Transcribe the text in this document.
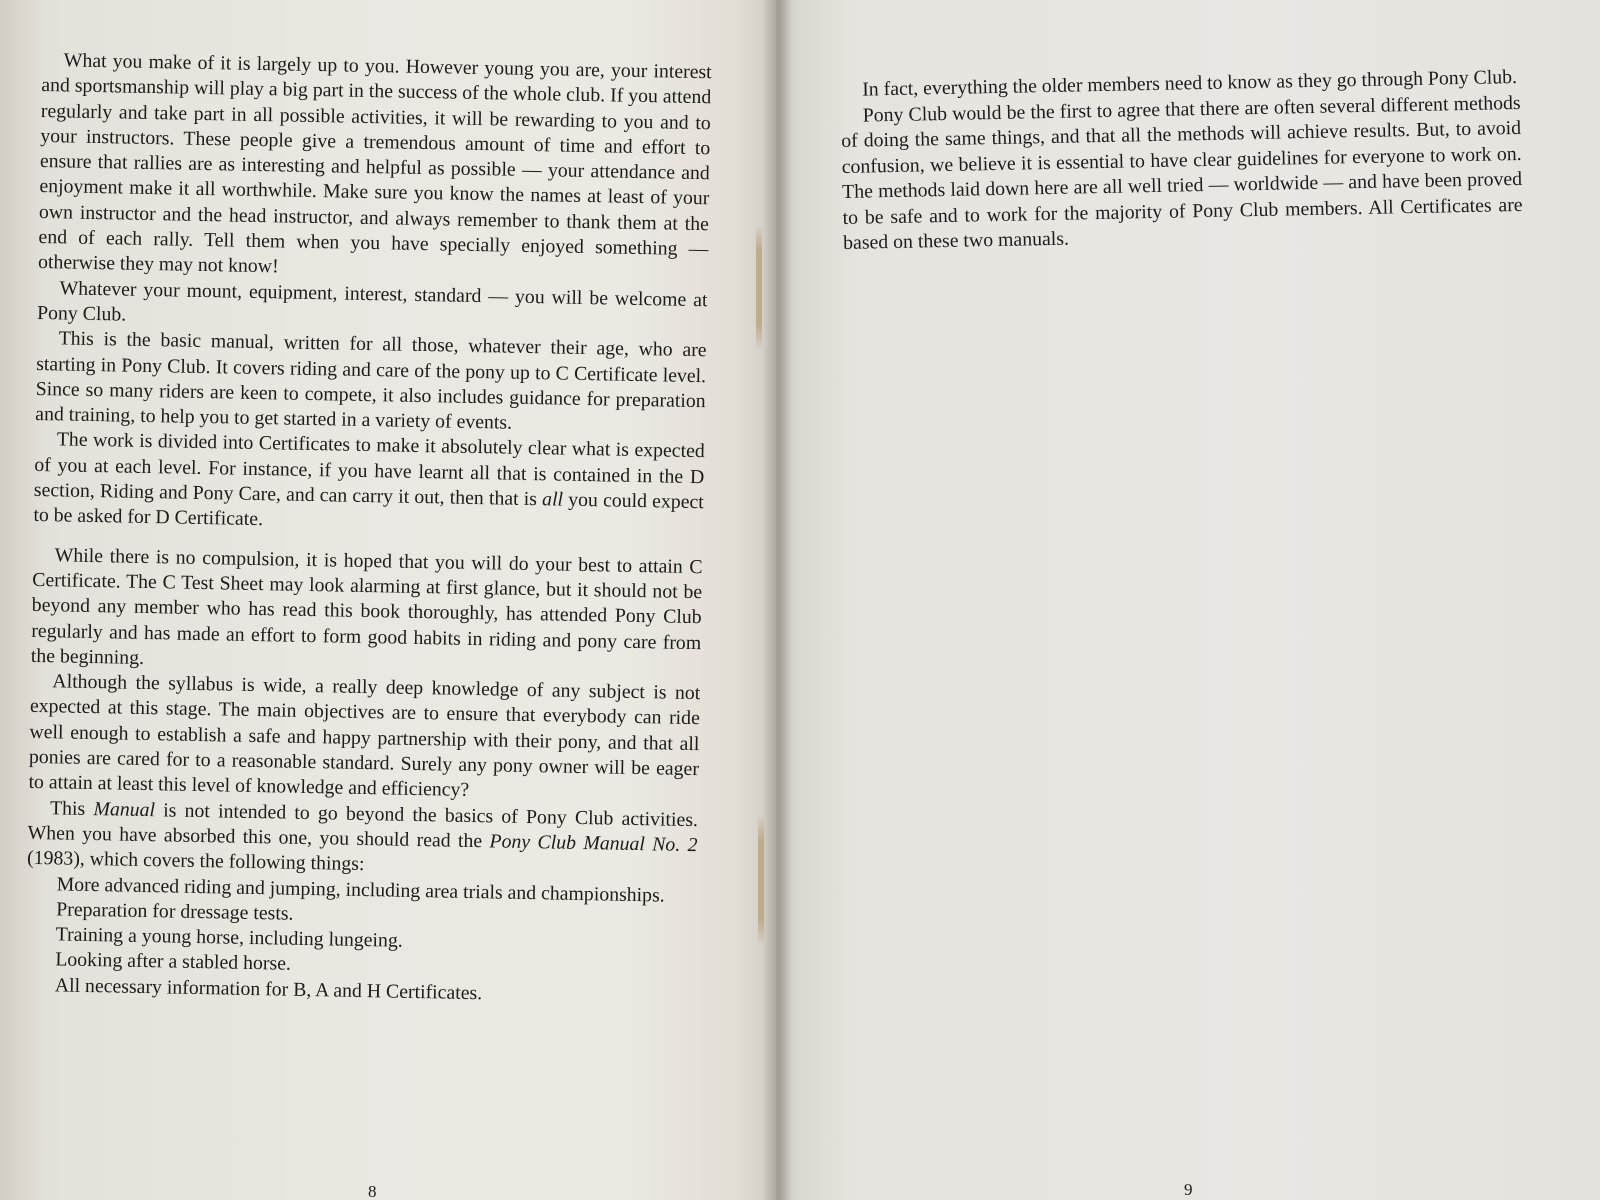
What you make of it is largely up to you. However young you are, your interest and sportsmanship will play a big part in the success of the whole club. If you attend regularly and take part in all possible activities, it will be rewarding to you and to your instructors. These people give a tremendous amount of time and effort to ensure that rallies are as interesting and helpful as possible — your attendance and enjoyment make it all worthwhile. Make sure you know the names at least of your own instructor and the head instructor, and always remember to thank them at the end of each rally. Tell them when you have specially enjoyed something — otherwise they may not know!

Whatever your mount, equipment, interest, standard — you will be welcome at Pony Club.

This is the basic manual, written for all those, whatever their age, who are starting in Pony Club. It covers riding and care of the pony up to C Certificate level. Since so many riders are keen to compete, it also includes guidance for preparation and training, to help you to get started in a variety of events.

The work is divided into Certificates to make it absolutely clear what is expected of you at each level. For instance, if you have learnt all that is contained in the D section, Riding and Pony Care, and can carry it out, then that is all you could expect to be asked for D Certificate.

While there is no compulsion, it is hoped that you will do your best to attain C Certificate. The C Test Sheet may look alarming at first glance, but it should not be beyond any member who has read this book thoroughly, has attended Pony Club regularly and has made an effort to form good habits in riding and pony care from the beginning.

Although the syllabus is wide, a really deep knowledge of any subject is not expected at this stage. The main objectives are to ensure that everybody can ride well enough to establish a safe and happy partnership with their pony, and that all ponies are cared for to a reasonable standard. Surely any pony owner will be eager to attain at least this level of knowledge and efficiency?

This Manual is not intended to go beyond the basics of Pony Club activities. When you have absorbed this one, you should read the Pony Club Manual No. 2 (1983), which covers the following things:

More advanced riding and jumping, including area trials and championships.
Preparation for dressage tests.
Training a young horse, including lungeing.
Looking after a stabled horse.
All necessary information for B, A and H Certificates.
8

In fact, everything the older members need to know as they go through Pony Club.

Pony Club would be the first to agree that there are often several different methods of doing the same things, and that all the methods will achieve results. But, to avoid confusion, we believe it is essential to have clear guidelines for everyone to work on. The methods laid down here are all well tried — worldwide — and have been proved to be safe and to work for the majority of Pony Club members. All Certificates are based on these two manuals.

9
